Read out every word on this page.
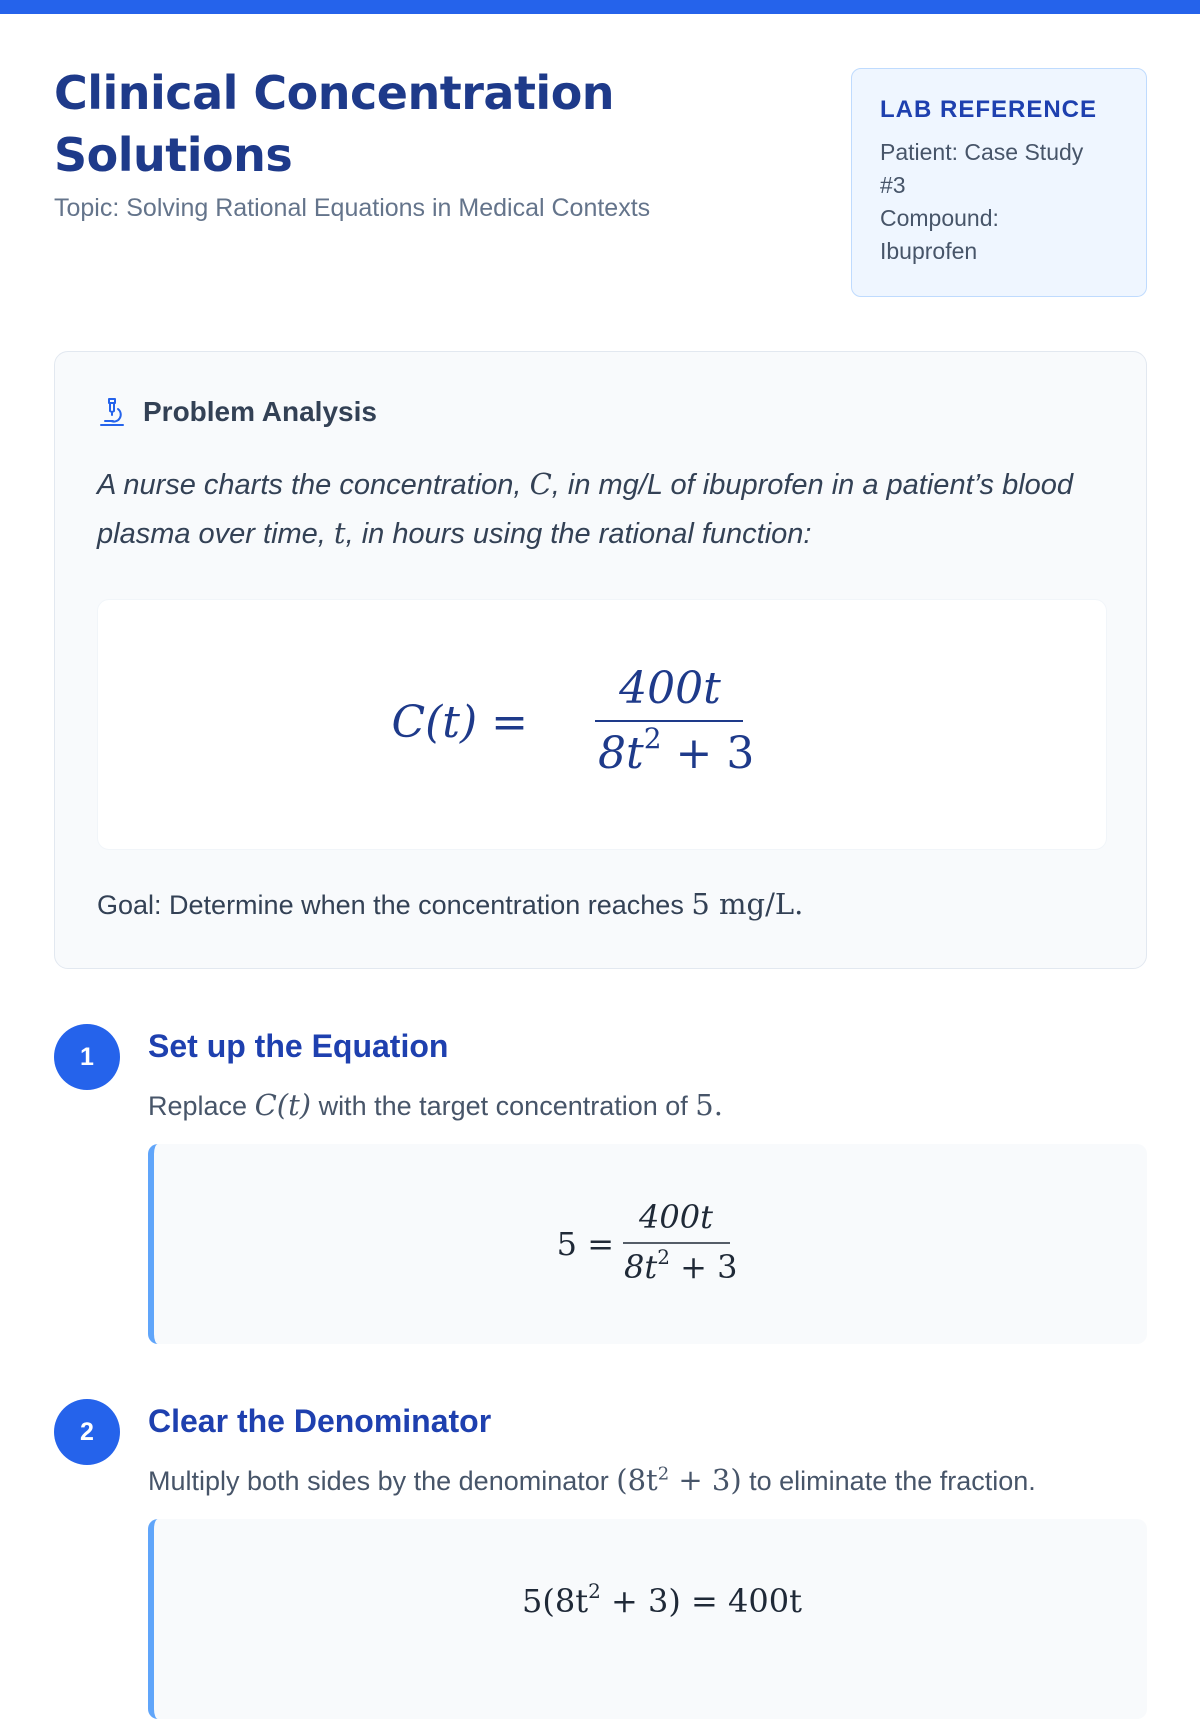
Clinical Concentration
Solutions
Topic: Solving Rational Equations in Medical Contexts
LAB REFERENCE
Patient: Case Study
#3
Compound:
Ibuprofen
Problem Analysis
A nurse charts the concentration, C, in mg/L of ibuprofen in a patient’s blood plasma over time, t, in hours using the rational function:
C(t) =
400t
$8t^2 + 3$
Goal: Determine when the concentration reaches 5 mg/L.
1	Set up the Equation
Replace C(t) with the target concentration of 5.
5 =
400t
$8t^2 + 3$
2	Clear the Denominator
Multiply both sides by the denominator $(8t^2 + 3)$ to eliminate the fraction.
$5(8t^2 + 3) = 400t$
